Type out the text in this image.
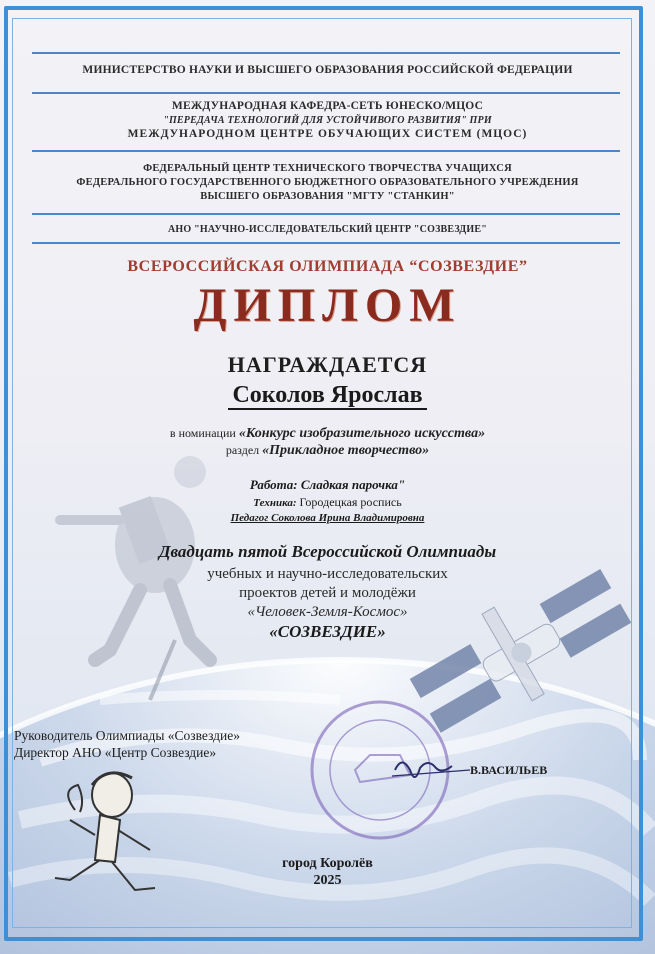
МИНИСТЕРСТВО НАУКИ И ВЫСШЕГО ОБРАЗОВАНИЯ РОССИЙСКОЙ ФЕДЕРАЦИИ
МЕЖДУНАРОДНАЯ КАФЕДРА-СЕТЬ ЮНЕСКО/МЦОС
"ПЕРЕДАЧА ТЕХНОЛОГИЙ ДЛЯ УСТОЙЧИВОГО РАЗВИТИЯ" ПРИ
МЕЖДУНАРОДНОМ ЦЕНТРЕ ОБУЧАЮЩИХ СИСТЕМ (МЦОС)
ФЕДЕРАЛЬНЫЙ ЦЕНТР ТЕХНИЧЕСКОГО ТВОРЧЕСТВА УЧАЩИХСЯ
ФЕДЕРАЛЬНОГО ГОСУДАРСТВЕННОГО БЮДЖЕТНОГО ОБРАЗОВАТЕЛЬНОГО УЧРЕЖДЕНИЯ
ВЫСШЕГО ОБРАЗОВАНИЯ "МГТУ "СТАНКИН"
АНО "НАУЧНО-ИССЛЕДОВАТЕЛЬСКИЙ ЦЕНТР "СОЗВЕЗДИЕ"
ВСЕРОССИЙСКАЯ ОЛИМПИАДА “СОЗВЕЗДИЕ”
ДИПЛОМ
НАГРАЖДАЕТСЯ
Соколов Ярослав
в номинации «Конкурс изобразительного искусства»
раздел «Прикладное творчество»
Работа: Сладкая парочка"
Техника: Городецкая роспись
Педагог Соколова Ирина Владимировна
Двадцать пятой Всероссийской Олимпиады
учебных и научно-исследовательских
проектов детей и молодёжи
«Человек-Земля-Космос»
«СОЗВЕЗДИЕ»
Руководитель Олимпиады «Созвездие»
Директор АНО «Центр Созвездие»
В.ВАСИЛЬЕВ
город Королёв
2025
